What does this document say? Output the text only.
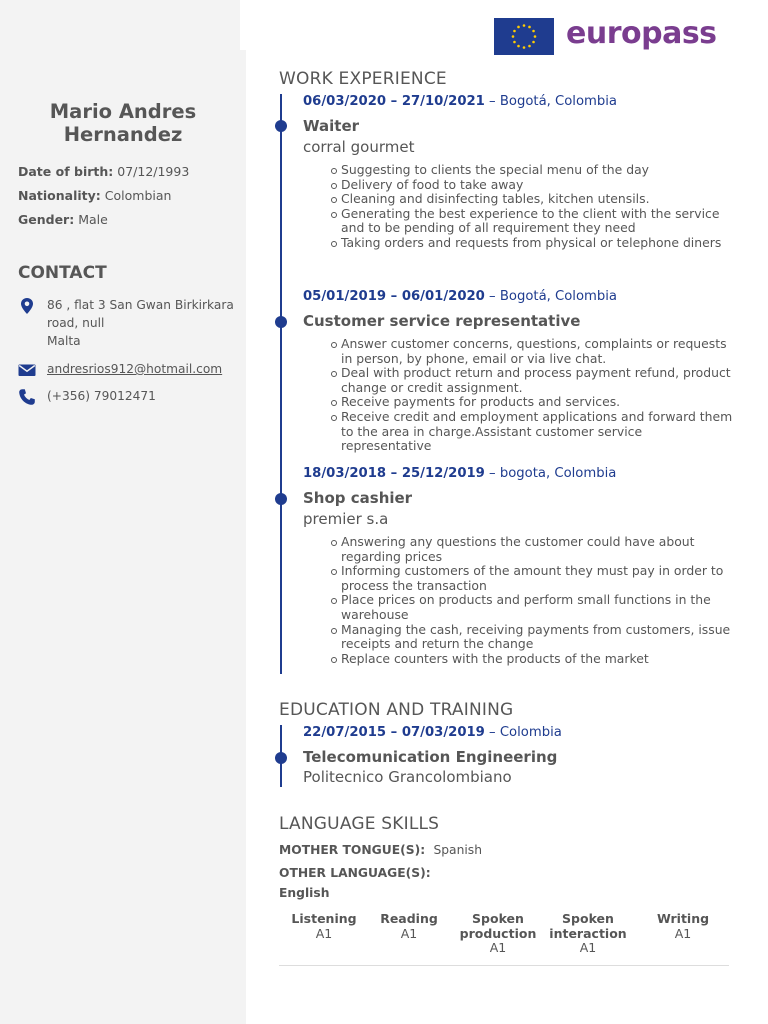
Mario Andres
Hernandez
Date of birth: 07/12/1993
Nationality: Colombian
Gender: Male
CONTACT
86 , flat 3 San Gwan Birkirkara
road, null
Malta
andresrios912@hotmail.com
(+356) 79012471
europass
WORK EXPERIENCE
06/03/2020 – 27/10/2021 – Bogotá, Colombia
Waiter
corral gourmet
Suggesting to clients the special menu of the day
Delivery of food to take away
Cleaning and disinfecting tables, kitchen utensils.
Generating the best experience to the client with the service and to be pending of all requirement they need
Taking orders and requests from physical or telephone diners
05/01/2019 – 06/01/2020 – Bogotá, Colombia
Customer service representative
Answer customer concerns, questions, complaints or requests in person, by phone, email or via live chat.
Deal with product return and process payment refund, product change or credit assignment.
Receive payments for products and services.
Receive credit and employment applications and forward them to the area in charge.Assistant customer service representative
18/03/2018 – 25/12/2019 – bogota, Colombia
Shop cashier
premier s.a
Answering any questions the customer could have about regarding prices
Informing customers of the amount they must pay in order to process the transaction
Place prices on products and perform small functions in the warehouse
Managing the cash, receiving payments from customers, issue receipts and return the change
Replace counters with the products of the market
EDUCATION AND TRAINING
22/07/2015 – 07/03/2019 – Colombia
Telecomunication Engineering
Politecnico Grancolombiano
LANGUAGE SKILLS
MOTHER TONGUE(S): Spanish
OTHER LANGUAGE(S):
English
Listening
A1
Reading
A1
Spoken
production
A1
Spoken
interaction
A1
Writing
A1
